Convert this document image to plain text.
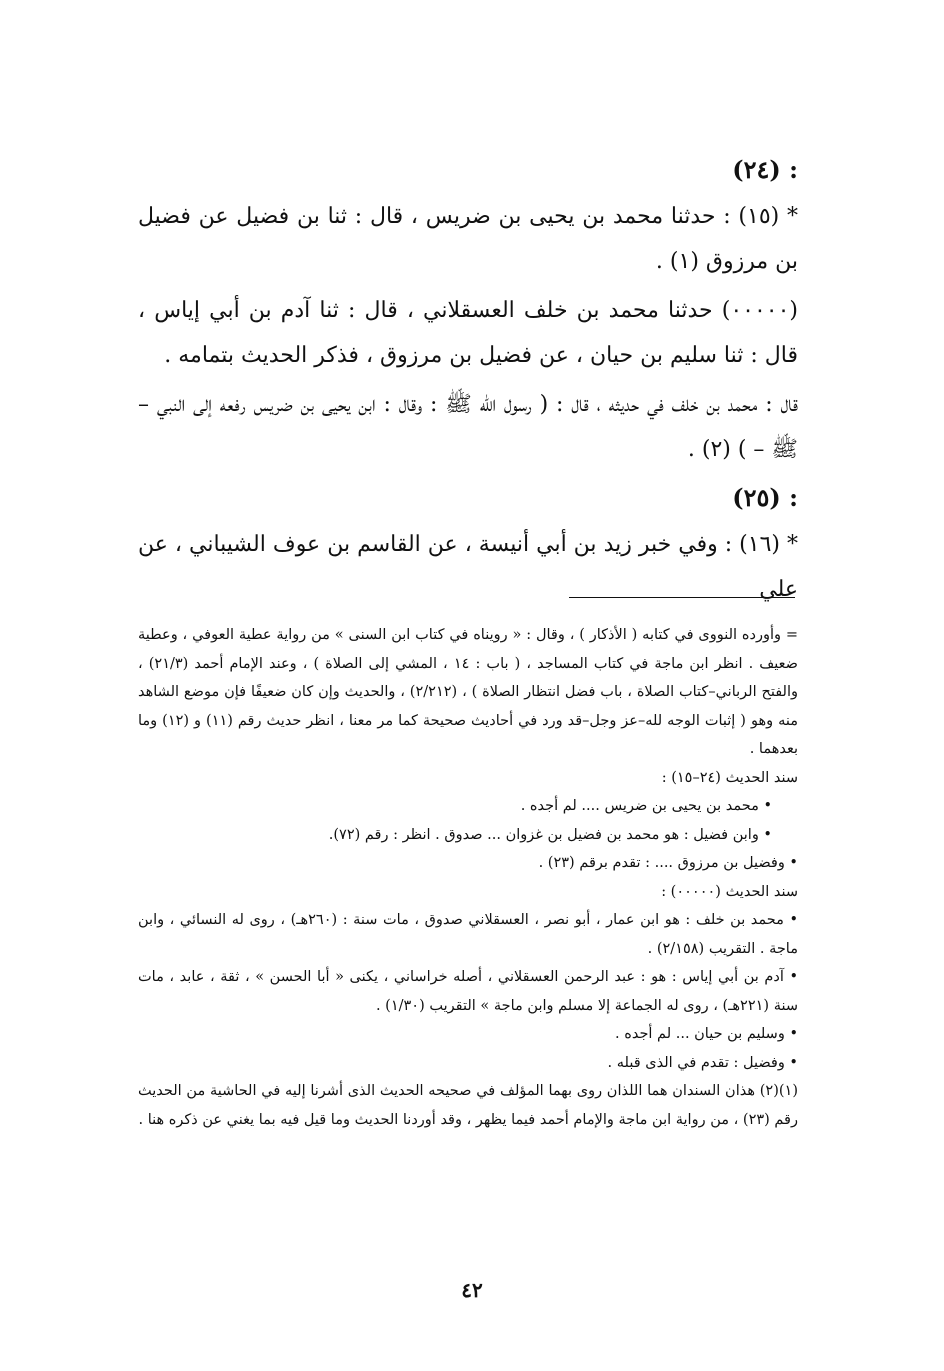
: (٢٤)

* (١٥) : حدثنا محمد بن يحيى بن ضريس ، قال : ثنا بن فضيل عن فضيل بن مرزوق (١) .

(٠٠٠٠٠) حدثنا محمد بن خلف العسقلاني ، قال : ثنا آدم بن أبي إياس ، قال : ثنا سليم بن حيان ، عن فضيل بن مرزوق ، فذكر الحديث بتمامه .

قال : محمد بن خلف في حديثه ، قال : ( رسول الله ﷺ : وقال : ابن يحيى بن ضريس رفعه إلى النبي – ﷺ – ) (٢) .

: (٢٥)

* (١٦) : وفي خبر زيد بن أبي أنيسة ، عن القاسم بن عوف الشيباني ، عن علي

= وأورده النووى في كتابه ( الأذكار ) ، وقال : « رويناه في كتاب ابن السنى » من رواية عطية العوفي ، وعطية ضعيف . انظر ابن ماجة في كتاب المساجد ، ( باب : ١٤ ، المشي إلى الصلاة ) ، وعند الإمام أحمد (٢١/٣) ، والفتح الرباني–كتاب الصلاة ، باب فضل انتظار الصلاة ) ، (٢/٢١٢) ، والحديث وإن كان ضعيفًا فإن موضع الشاهد منه وهو ( إثبات الوجه لله–عز وجل–قد ورد في أحاديث صحيحة كما مر معنا ، انظر حديث رقم (١١) و (١٢) وما بعدهما .

سند الحديث (٢٤–١٥) :

• محمد بن يحيى بن ضريس .... لم أجده .

• وابن فضيل : هو محمد بن فضيل بن غزوان ... صدوق . انظر : رقم (٧٢).

• وفضيل بن مرزوق .... : تقدم برقم (٢٣) .

سند الحديث (٠٠٠٠٠) :

• محمد بن خلف : هو ابن عمار ، أبو نصر ، العسقلاني صدوق ، مات سنة : (٢٦٠هـ) ، روى له النسائي ، وابن ماجة . التقريب (٢/١٥٨) .

• آدم بن أبي إياس : هو : عبد الرحمن العسقلاني ، أصله خراساني ، يكنى « أبا الحسن » ، ثقة ، عابد ، مات سنة (٢٢١هـ) ، روى له الجماعة إلا مسلم وابن ماجة » التقريب (١/٣٠) .

• وسليم بن حيان ... لم أجده .

• وفضيل : تقدم في الذى قبله .

(١)(٢) هذان السندان هما اللذان روى بهما المؤلف في صحيحه الحديث الذى أشرنا إليه في الحاشية من الحديث رقم (٢٣) ، من رواية ابن ماجة والإمام أحمد فيما يظهر ، وقد أوردنا الحديث وما قيل فيه بما يغني عن ذكره هنا .

٤٢
